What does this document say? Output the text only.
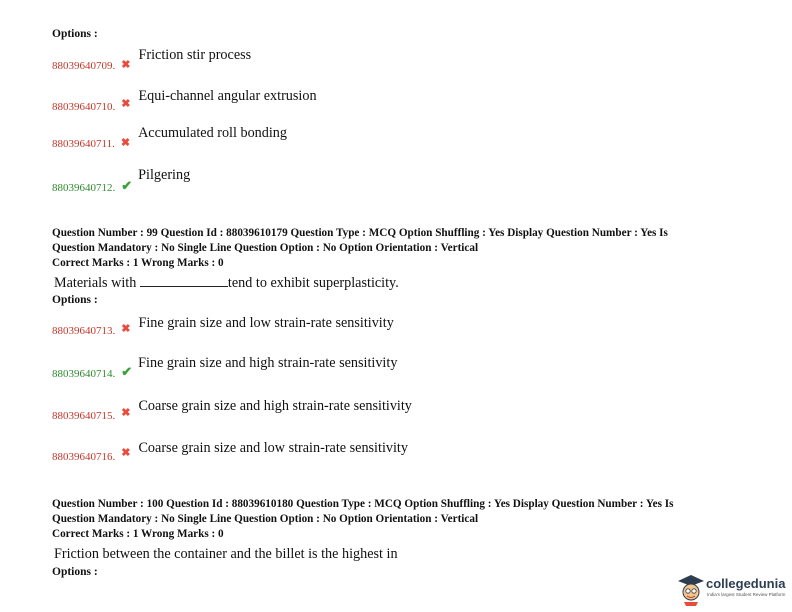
Options :
$_{88039640709.}$ $_✖$ Friction stir process
$_{88039640710.}$ $_✖$ Equi-channel angular extrusion
$_{88039640711.}$ $_✖$ Accumulated roll bonding
$_{88039640712.}$ $_✔$ Pilgering
Question Number : 99 Question Id : 88039610179 Question Type : MCQ Option Shuffling : Yes Display Question Number : Yes Is
Question Mandatory : No Single Line Question Option : No Option Orientation : Vertical
Correct Marks : 1 Wrong Marks : 0
Materials with	tend to exhibit superplasticity.
Options :
$_{88039640713.}$ $_✖$ Fine grain size and low strain-rate sensitivity
$_{88039640714.}$ $_✔$ Fine grain size and high strain-rate sensitivity
$_{88039640715.}$ $_✖$ Coarse grain size and high strain-rate sensitivity
$_{88039640716.}$ $_✖$ Coarse grain size and low strain-rate sensitivity
Question Number : 100 Question Id : 88039610180 Question Type : MCQ Option Shuffling : Yes Display Question Number : Yes Is
Question Mandatory : No Single Line Question Option : No Option Orientation : Vertical
Correct Marks : 1 Wrong Marks : 0
Friction between the container and the billet is the highest in
Options :
collegedunia
India's largest Student Review Platform
